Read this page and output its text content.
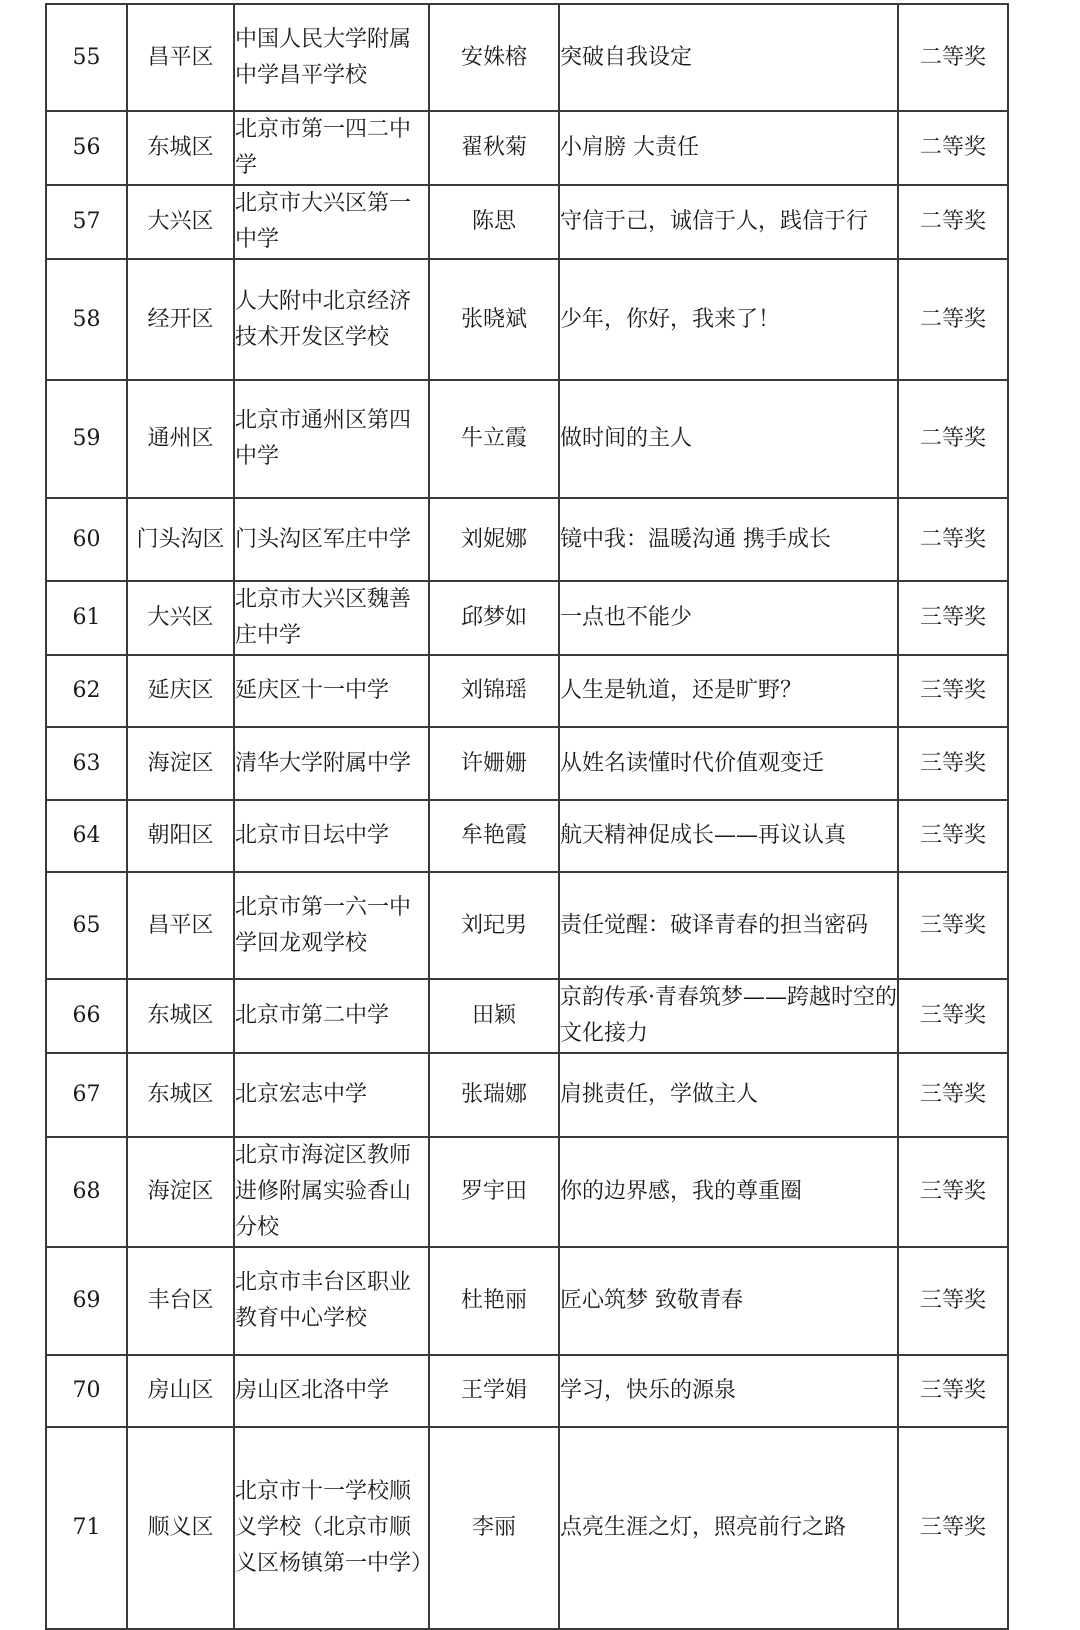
55	昌平区	中国人民大学附属中学昌平学校	安姝榕	突破自我设定	二等奖
56	东城区	北京市第一四二中学	翟秋菊	小肩膀 大责任	二等奖
57	大兴区	北京市大兴区第一中学	陈思	守信于己，诚信于人，践信于行	二等奖
58	经开区	人大附中北京经济技术开发区学校	张晓斌	少年，你好，我来了！	二等奖
59	通州区	北京市通州区第四中学	牛立霞	做时间的主人	二等奖
60	门头沟区	门头沟区军庄中学	刘妮娜	镜中我：温暖沟通 携手成长	二等奖
61	大兴区	北京市大兴区魏善庄中学	邱梦如	一点也不能少	三等奖
62	延庆区	延庆区十一中学	刘锦瑶	人生是轨道，还是旷野？	三等奖
63	海淀区	清华大学附属中学	许姗姗	从姓名读懂时代价值观变迁	三等奖
64	朝阳区	北京市日坛中学	牟艳霞	航天精神促成长——再议认真	三等奖
65	昌平区	北京市第一六一中学回龙观学校	刘玘男	责任觉醒：破译青春的担当密码	三等奖
66	东城区	北京市第二中学	田颖	京韵传承·青春筑梦——跨越时空的文化接力	三等奖
67	东城区	北京宏志中学	张瑞娜	肩挑责任，学做主人	三等奖
68	海淀区	北京市海淀区教师进修附属实验香山分校	罗宇田	你的边界感，我的尊重圈	三等奖
69	丰台区	北京市丰台区职业教育中心学校	杜艳丽	匠心筑梦 致敬青春	三等奖
70	房山区	房山区北洛中学	王学娟	学习，快乐的源泉	三等奖
71	顺义区	北京市十一学校顺义学校（北京市顺义区杨镇第一中学）	李丽	点亮生涯之灯，照亮前行之路	三等奖
